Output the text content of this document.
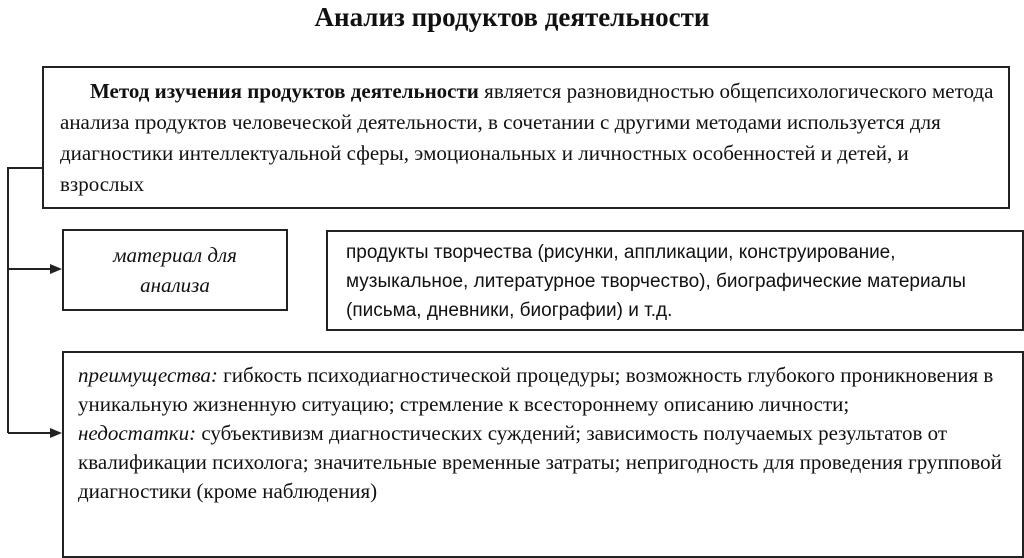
Анализ продуктов деятельности

Метод изучения продуктов деятельности является разновидностью общепсихологического метода анализа продуктов человеческой деятельности, в сочетании с другими методами используется для диагностики интеллектуальной сферы, эмоциональных и личностных особенностей и детей, и взрослых

материал для
анализа

продукты творчества (рисунки, аппликации, конструирование, музыкальное, литературное творчество), биографические материалы (письма, дневники, биографии) и т.д.

преимущества: гибкость психодиагностической процедуры; возможность глубокого проникновения в уникальную жизненную ситуацию; стремление к всестороннему описанию личности;

недостатки: субъективизм диагностических суждений; зависимость получаемых результатов от квалификации психолога; значительные временные затраты; непригодность для проведения групповой диагностики (кроме наблюдения)
